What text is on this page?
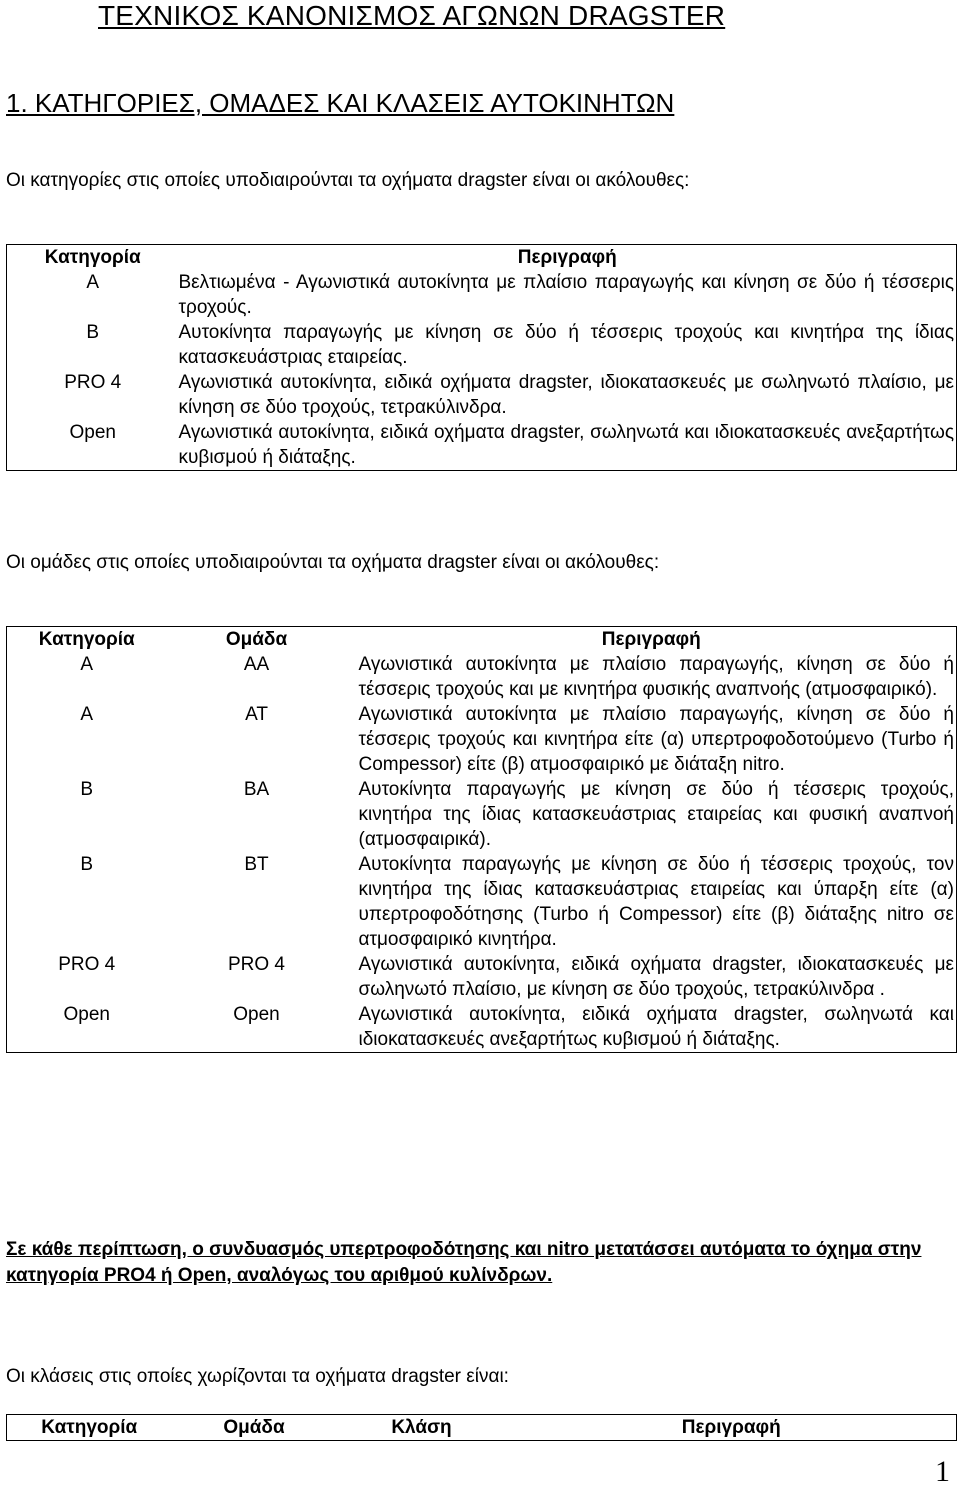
ΤΕΧΝΙΚΟΣ ΚΑΝΟΝΙΣΜΟΣ ΑΓΩΝΩΝ DRAGSTER
1. ΚΑΤΗΓΟΡΙΕΣ, ΟΜΑΔΕΣ ΚΑΙ ΚΛΑΣΕΙΣ ΑΥΤΟΚΙΝΗΤΩΝ
Οι κατηγορίες στις οποίες υποδιαιρούνται τα οχήματα dragster είναι οι ακόλουθες:
Κατηγορία	Περιγραφή
A	Βελτιωμένα - Αγωνιστικά αυτοκίνητα με πλαίσιο παραγωγής και κίνηση σε δύο ή τέσσερις τροχούς.
B	Αυτοκίνητα παραγωγής με κίνηση σε δύο ή τέσσερις τροχούς και κινητήρα της ίδιας κατασκευάστριας εταιρείας.
PRO 4	Αγωνιστικά αυτοκίνητα, ειδικά οχήματα dragster, ιδιοκατασκευές με σωληνωτό πλαίσιο, με κίνηση σε δύο τροχούς, τετρακύλινδρα.
Open	Αγωνιστικά αυτοκίνητα, ειδικά οχήματα dragster, σωληνωτά και ιδιοκατασκευές ανεξαρτήτως κυβισμού ή διάταξης.
Οι ομάδες στις οποίες υποδιαιρούνται τα οχήματα dragster είναι οι ακόλουθες:
Κατηγορία	Ομάδα	Περιγραφή
A	AA	Αγωνιστικά αυτοκίνητα με πλαίσιο παραγωγής, κίνηση σε δύο ή τέσσερις τροχούς και με κινητήρα φυσικής αναπνοής (ατμοσφαιρικό).
A	AT	Αγωνιστικά αυτοκίνητα με πλαίσιο παραγωγής, κίνηση σε δύο ή τέσσερις τροχούς και κινητήρα είτε (α) υπερτροφοδοτούμενο (Turbo ή Compessor) είτε (β) ατμοσφαιρικό με διάταξη nitro.
B	BA	Αυτοκίνητα παραγωγής με κίνηση σε δύο ή τέσσερις τροχούς, κινητήρα της ίδιας κατασκευάστριας εταιρείας και φυσική αναπνοή (ατμοσφαιρικά).
B	BT	Αυτοκίνητα παραγωγής με κίνηση σε δύο ή τέσσερις τροχούς, τον κινητήρα της ίδιας κατασκευάστριας εταιρείας και ύπαρξη είτε (α) υπερτροφοδότησης (Turbo ή Compessor) είτε (β) διάταξης nitro σε ατμοσφαιρικό κινητήρα.
PRO 4	PRO 4	Αγωνιστικά αυτοκίνητα, ειδικά οχήματα dragster, ιδιοκατασκευές με σωληνωτό πλαίσιο, με κίνηση σε δύο τροχούς, τετρακύλινδρα .
Open	Open	Αγωνιστικά αυτοκίνητα, ειδικά οχήματα dragster, σωληνωτά και ιδιοκατασκευές ανεξαρτήτως κυβισμού ή διάταξης.
Σε κάθε περίπτωση, ο συνδυασμός υπερτροφοδότησης και nitro μετατάσσει αυτόματα το όχημα στην κατηγορία PRO4 ή Open, αναλόγως του αριθμού κυλίνδρων.
Οι κλάσεις στις οποίες χωρίζονται τα οχήματα dragster είναι:
Κατηγορία	Ομάδα	Κλάση	Περιγραφή
1
